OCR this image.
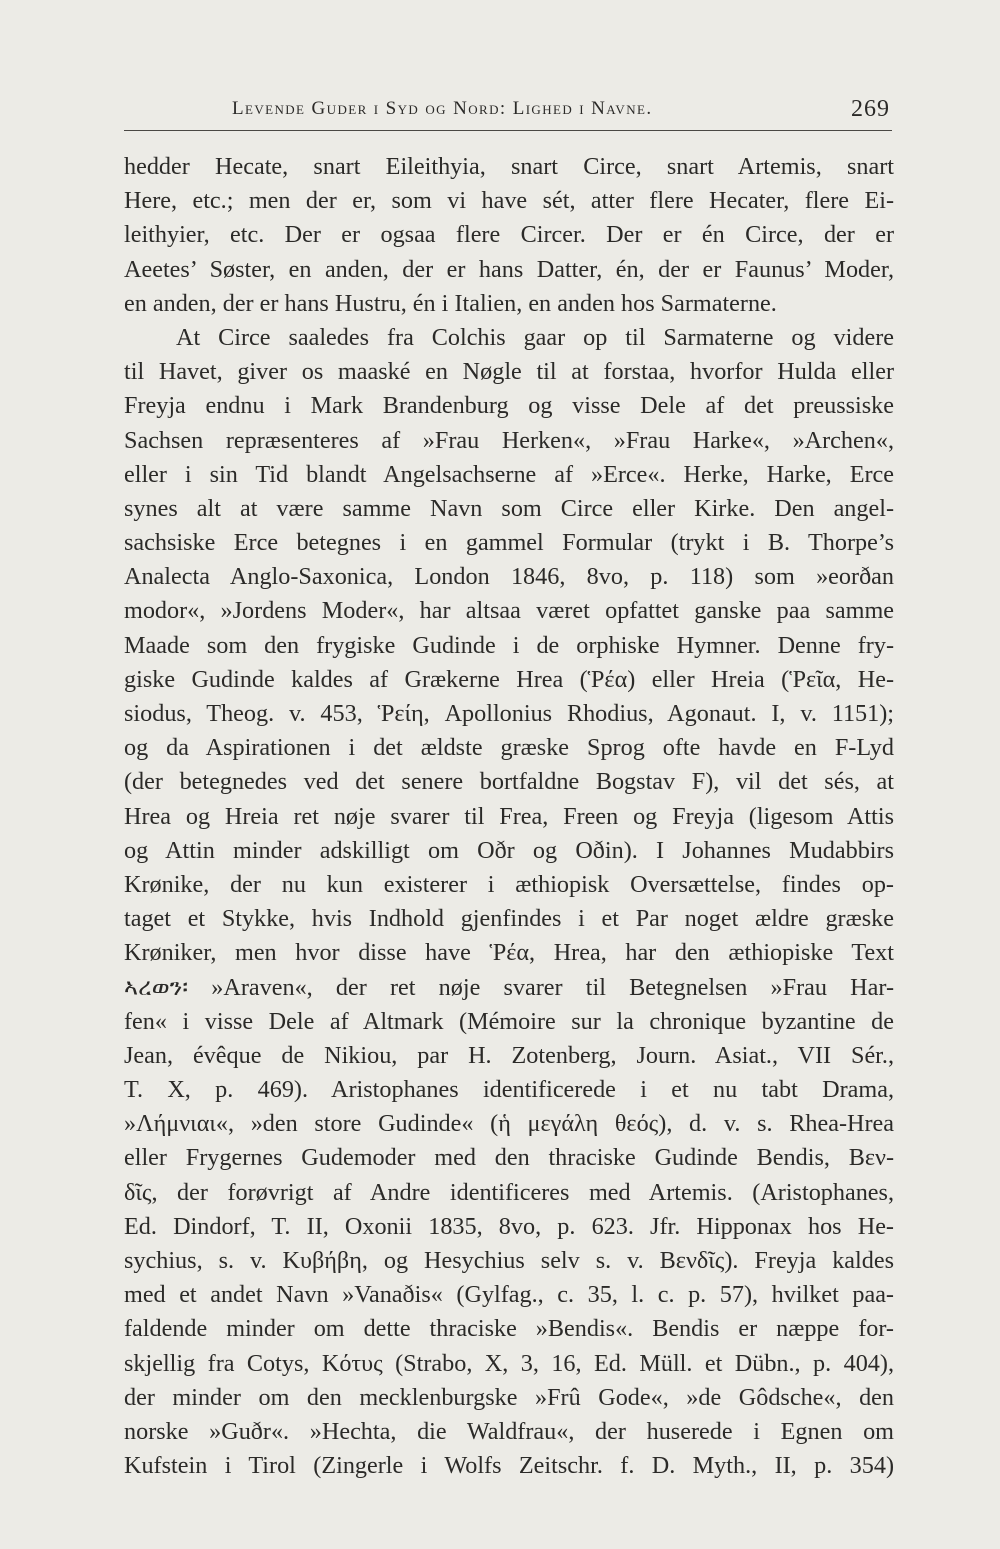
Levende Guder i Syd og Nord: Lighed i Navne.	269
hedder Hecate, snart Eileithyia, snart Circe, snart Artemis, snart
Here, etc.; men der er, som vi have sét, atter flere Hecater, flere Ei-
leithyier, etc. Der er ogsaa flere Circer. Der er én Circe, der er
Aeetes’ Søster, en anden, der er hans Datter, én, der er Faunus’ Moder,
en anden, der er hans Hustru, én i Italien, en anden hos Sarmaterne.
At Circe saaledes fra Colchis gaar op til Sarmaterne og videre
til Havet, giver os maaské en Nøgle til at forstaa, hvorfor Hulda eller
Freyja endnu i Mark Brandenburg og visse Dele af det preussiske
Sachsen repræsenteres af »Frau Herken«, »Frau Harke«, »Archen«,
eller i sin Tid blandt Angelsachserne af »Erce«. Herke, Harke, Erce
synes alt at være samme Navn som Circe eller Kirke. Den angel-
sachsiske Erce betegnes i en gammel Formular (trykt i B. Thorpe’s
Analecta Anglo-Saxonica, London 1846, 8vo, p. 118) som »eorðan
modor«, »Jordens Moder«, har altsaa været opfattet ganske paa samme
Maade som den frygiske Gudinde i de orphiske Hymner. Denne fry-
giske Gudinde kaldes af Grækerne Hrea (Ῥέα) eller Hreia (Ῥεῖα, He-
siodus, Theog. v. 453, Ῥείη, Apollonius Rhodius, Agonaut. I, v. 1151);
og da Aspirationen i det ældste græske Sprog ofte havde en F-Lyd
(der betegnedes ved det senere bortfaldne Bogstav F), vil det sés, at
Hrea og Hreia ret nøje svarer til Frea, Freen og Freyja (ligesom Attis
og Attin minder adskilligt om Oðr og Oðin). I Johannes Mudabbirs
Krønike, der nu kun existerer i æthiopisk Oversættelse, findes op-
taget et Stykke, hvis Indhold gjenfindes i et Par noget ældre græske
Krøniker, men hvor disse have Ῥέα, Hrea, har den æthiopiske Text
ኣረወን፡ »Araven«, der ret nøje svarer til Betegnelsen »Frau Har-
fen« i visse Dele af Altmark (Mémoire sur la chronique byzantine de
Jean, évêque de Nikiou, par H. Zotenberg, Journ. Asiat., VII Sér.,
T. X, p. 469). Aristophanes identificerede i et nu tabt Drama,
»Λήμνιαι«, »den store Gudinde« (ἡ μεγάλη θεός), d. v. s. Rhea-Hrea
eller Frygernes Gudemoder med den thraciske Gudinde Bendis, Βεν-
δῖς, der forøvrigt af Andre identificeres med Artemis. (Aristophanes,
Ed. Dindorf, T. II, Oxonii 1835, 8vo, p. 623. Jfr. Hipponax hos He-
sychius, s. v. Κυβήβη, og Hesychius selv s. v. Βενδῖς). Freyja kaldes
med et andet Navn »Vanaðis« (Gylfag., c. 35, l. c. p. 57), hvilket paa-
faldende minder om dette thraciske »Bendis«. Bendis er næppe for-
skjellig fra Cotys, Κότυς (Strabo, X, 3, 16, Ed. Müll. et Dübn., p. 404),
der minder om den mecklenburgske »Frû Gode«, »de Gôdsche«, den
norske »Guðr«. »Hechta, die Waldfrau«, der huserede i Egnen om
Kufstein i Tirol (Zingerle i Wolfs Zeitschr. f. D. Myth., II, p. 354)
